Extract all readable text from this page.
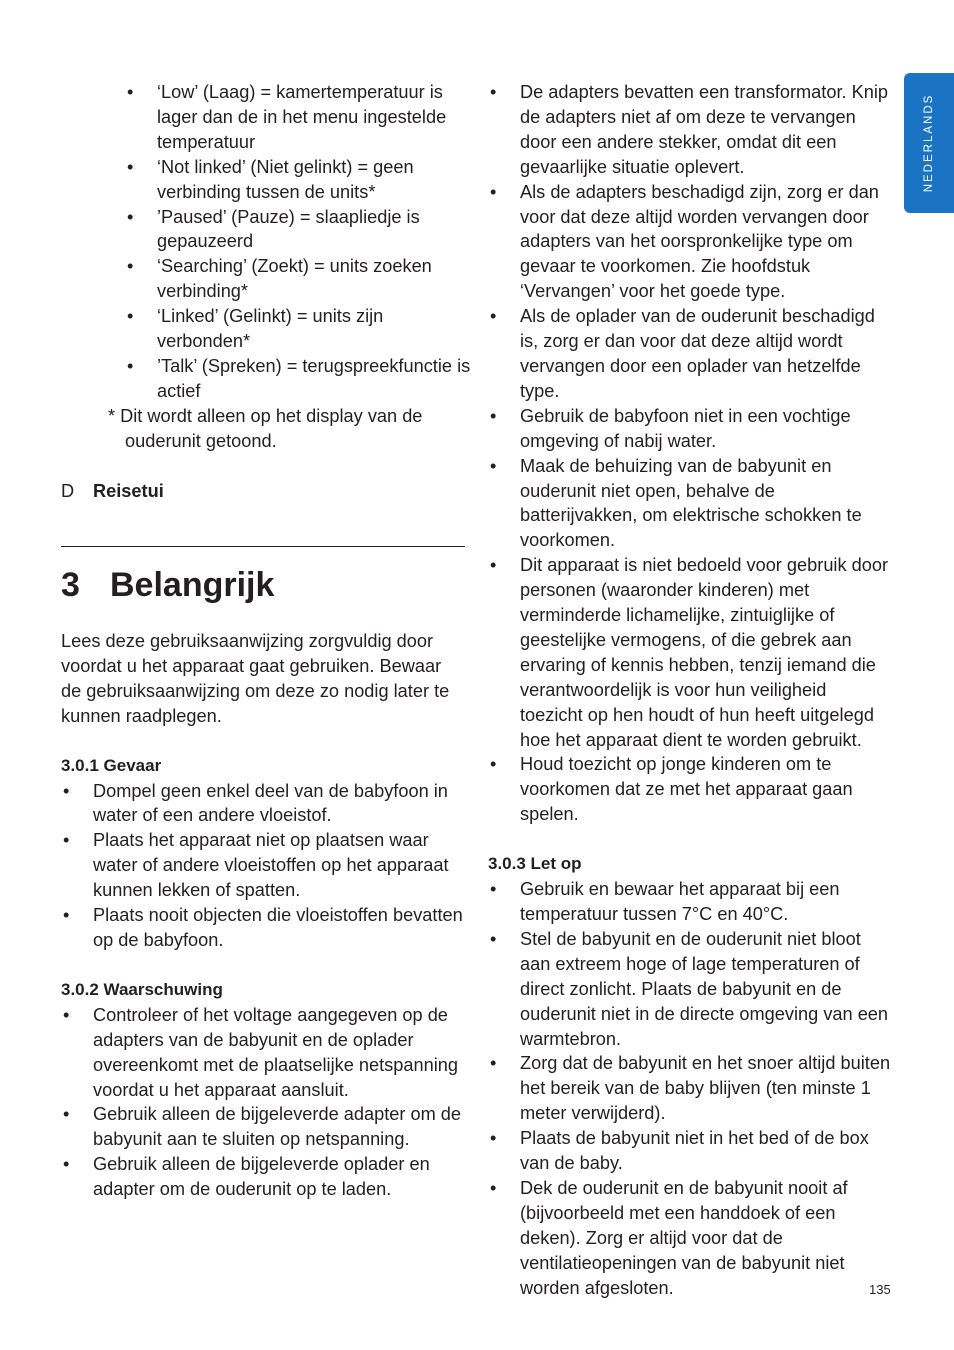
NEDERLANDS
• ‘Low’ (Laag) = kamertemperatuur is lager dan de in het menu ingestelde temperatuur
• ‘Not linked’ (Niet gelinkt) = geen verbinding tussen de units*
• ’Paused’ (Pauze) = slaapliedje is gepauzeerd
• ‘Searching’ (Zoekt) = units zoeken verbinding*
• ‘Linked’ (Gelinkt) = units zijn verbonden*
• ’Talk’ (Spreken) = terugspreekfunctie is actief
* Dit wordt alleen op het display van de ouderunit getoond.
D Reisetui
3 Belangrijk

Lees deze gebruiksaanwijzing zorgvuldig door voordat u het apparaat gaat gebruiken. Bewaar de gebruiksaanwijzing om deze zo nodig later te kunnen raadplegen.

3.0.1 Gevaar
• Dompel geen enkel deel van de babyfoon in water of een andere vloeistof.
• Plaats het apparaat niet op plaatsen waar water of andere vloeistoffen op het apparaat kunnen lekken of spatten.
• Plaats nooit objecten die vloeistoffen bevatten op de babyfoon.
3.0.2 Waarschuwing
• Controleer of het voltage aangegeven op de adapters van de babyunit en de oplader overeenkomt met de plaatselijke netspanning voordat u het apparaat aansluit.
• Gebruik alleen de bijgeleverde adapter om de babyunit aan te sluiten op netspanning.
• Gebruik alleen de bijgeleverde oplader en adapter om de ouderunit op te laden.
• De adapters bevatten een transformator. Knip de adapters niet af om deze te vervangen door een andere stekker, omdat dit een gevaarlijke situatie oplevert.
• Als de adapters beschadigd zijn, zorg er dan voor dat deze altijd worden vervangen door adapters van het oorspronkelijke type om gevaar te voorkomen. Zie hoofdstuk ‘Vervangen’ voor het goede type.
• Als de oplader van de ouderunit beschadigd is, zorg er dan voor dat deze altijd wordt vervangen door een oplader van hetzelfde type.
• Gebruik de babyfoon niet in een vochtige omgeving of nabij water.
• Maak de behuizing van de babyunit en ouderunit niet open, behalve de batterijvakken, om elektrische schokken te voorkomen.
• Dit apparaat is niet bedoeld voor gebruik door personen (waaronder kinderen) met verminderde lichamelijke, zintuiglijke of geestelijke vermogens, of die gebrek aan ervaring of kennis hebben, tenzij iemand die verantwoordelijk is voor hun veiligheid toezicht op hen houdt of hun heeft uitgelegd hoe het apparaat dient te worden gebruikt.
• Houd toezicht op jonge kinderen om te voorkomen dat ze met het apparaat gaan spelen.
3.0.3 Let op
• Gebruik en bewaar het apparaat bij een temperatuur tussen 7°C en 40°C.
• Stel de babyunit en de ouderunit niet bloot aan extreem hoge of lage temperaturen of direct zonlicht. Plaats de babyunit en de ouderunit niet in de directe omgeving van een warmtebron.
• Zorg dat de babyunit en het snoer altijd buiten het bereik van de baby blijven (ten minste 1 meter verwijderd).
• Plaats de babyunit niet in het bed of de box van de baby.
• Dek de ouderunit en de babyunit nooit af (bijvoorbeeld met een handdoek of een deken). Zorg er altijd voor dat de ventilatieopeningen van de babyunit niet worden afgesloten.	135
